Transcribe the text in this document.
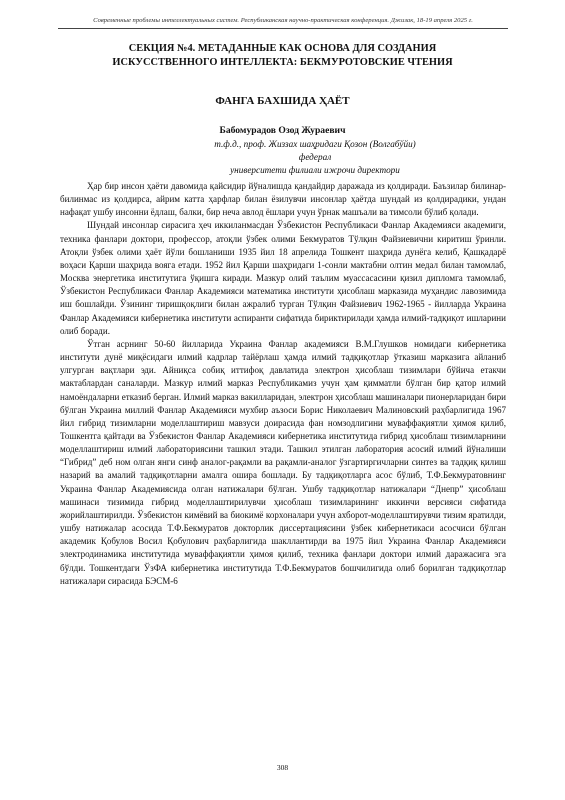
Современные проблемы интеллектуальных систем. Республиканская научно-практическая конференция. Джизак, 18-19 апреля 2025 г.
СЕКЦИЯ №4. МЕТАДАННЫЕ КАК ОСНОВА ДЛЯ СОЗДАНИЯ
ИСКУССТВЕННОГО ИНТЕЛЛЕКТА: БЕКМУРОТОВСКИЕ ЧТЕНИЯ
ФАНГА БАХШИДА ҲАЁТ
Бабомурадов Озод Жураевич
т.ф.д., проф. Жиззах шаҳридаги Қозон (Волгабўйи) федерал
университети филиали ижрочи директори

Ҳар бир инсон ҳаёти давомида қайсидир йўналишда қандайдир даражада из қолдиради. Баъзилар билинар-билинмас из қолдирса, айрим катта ҳарфлар билан ёзилувчи инсонлар ҳаётда шундай из қолдирадики, ундан нафақат ушбу инсонни ёдлаш, балки, бир неча авлод ёшлари учун ўрнак машъали ва тимсоли бўлиб қолади.

Шундай инсонлар сирасига ҳеч иккиланмасдан Ўзбекистон Республикаси Фанлар Академияси академиги, техника фанлари доктори, профессор, атоқли ўзбек олими Бекмуратов Тўлқин Файзиевични киритиш ўринли. Атоқли ўзбек олими ҳаёт йўли бошланиши 1935 йил 18 апрелида Тошкент шаҳрида дунёга келиб, Қашқадарё воҳаси Қарши шаҳрида вояга етади. 1952 йил Қарши шаҳридаги 1-сонли мактабни олтин медал билан тамомлаб, Москва энергетика институтига ўқишга киради. Мазкур олий таълим муассасасини қизил дипломга тамомлаб, Ўзбекистон Республикаси Фанлар Академияси математика институти ҳисоблаш марказида муҳандис лавозимида иш бошлайди. Ўзининг тиришқоқлиги билан ажралиб турган Тўлқин Файзиевич 1962-1965 - йилларда Украина Фанлар Академияси кибернетика институти аспиранти сифатида бириктирилади ҳамда илмий-тадқиқот ишларини олиб боради.

Ўтган асрнинг 50-60 йилларида Украина Фанлар академияси В.М.Глушков номидаги кибернетика институти дунё миқёсидаги илмий кадрлар тайёрлаш ҳамда илмий тадқиқотлар ўтказиш марказига айланиб улгурган вақтлари эди. Айниқса собиқ иттифоқ давлатида электрон ҳисоблаш тизимлари бўйича етакчи мактаблардан саналарди. Мазкур илмий марказ Республикамиз учун ҳам қимматли бўлган бир қатор илмий намоёндаларни етказиб берган. Илмий марказ вакилларидан, электрон ҳисоблаш машиналари пионерларидан бири бўлган Украина миллий Фанлар Академияси мухбир аъзоси Борис Николаевич Малиновский раҳбарлигида 1967 йил гибрид тизимларни моделлаштириш мавзуси доирасида фан номзодлигини муваффақиятли ҳимоя қилиб, Тошкентга қайтади ва Ўзбекистон Фанлар Академияси кибернетика институтида гибрид ҳисоблаш тизимларнини моделлаштириш илмий лабораториясини ташкил этади. Ташкил этилган лаборатория асосий илмий йўналиши “Гибрид” деб ном олган янги синф аналог-рақамли ва рақамли-аналог ўзгартиргичларни синтез ва тадқиқ қилиш назарий ва амалий тадқиқотларни амалга ошира бошлади. Бу тадқиқотларга асос бўлиб, Т.Ф.Бекмуратовнинг Украина Фанлар Академиясида олган натижалари бўлган. Ушбу тадқиқотлар натижалари “Днепр” ҳисоблаш машинаси тизимида гибрид моделлаштирилувчи ҳисоблаш тизимларининг иккинчи версияси сифатида жорийлаштирилди. Ўзбекистон кимёвий ва биокимё корхоналари учун ахборот-моделлаштирувчи тизим яратилди, ушбу натижалар асосида Т.Ф.Бекмуратов докторлик диссертациясини ўзбек кибернетикаси асосчиси бўлган академик Қобулов Восил Қобулович раҳбарлигида шакллантирди ва 1975 йил Украина Фанлар Академияси электродинамика институтида муваффақиятли ҳимоя қилиб, техника фанлари доктори илмий даражасига эга бўлди. Тошкентдаги ЎзФА кибернетика институтида Т.Ф.Бекмуратов бошчилигида олиб борилган тадқиқотлар натижалари сирасида БЭСМ-6

308
